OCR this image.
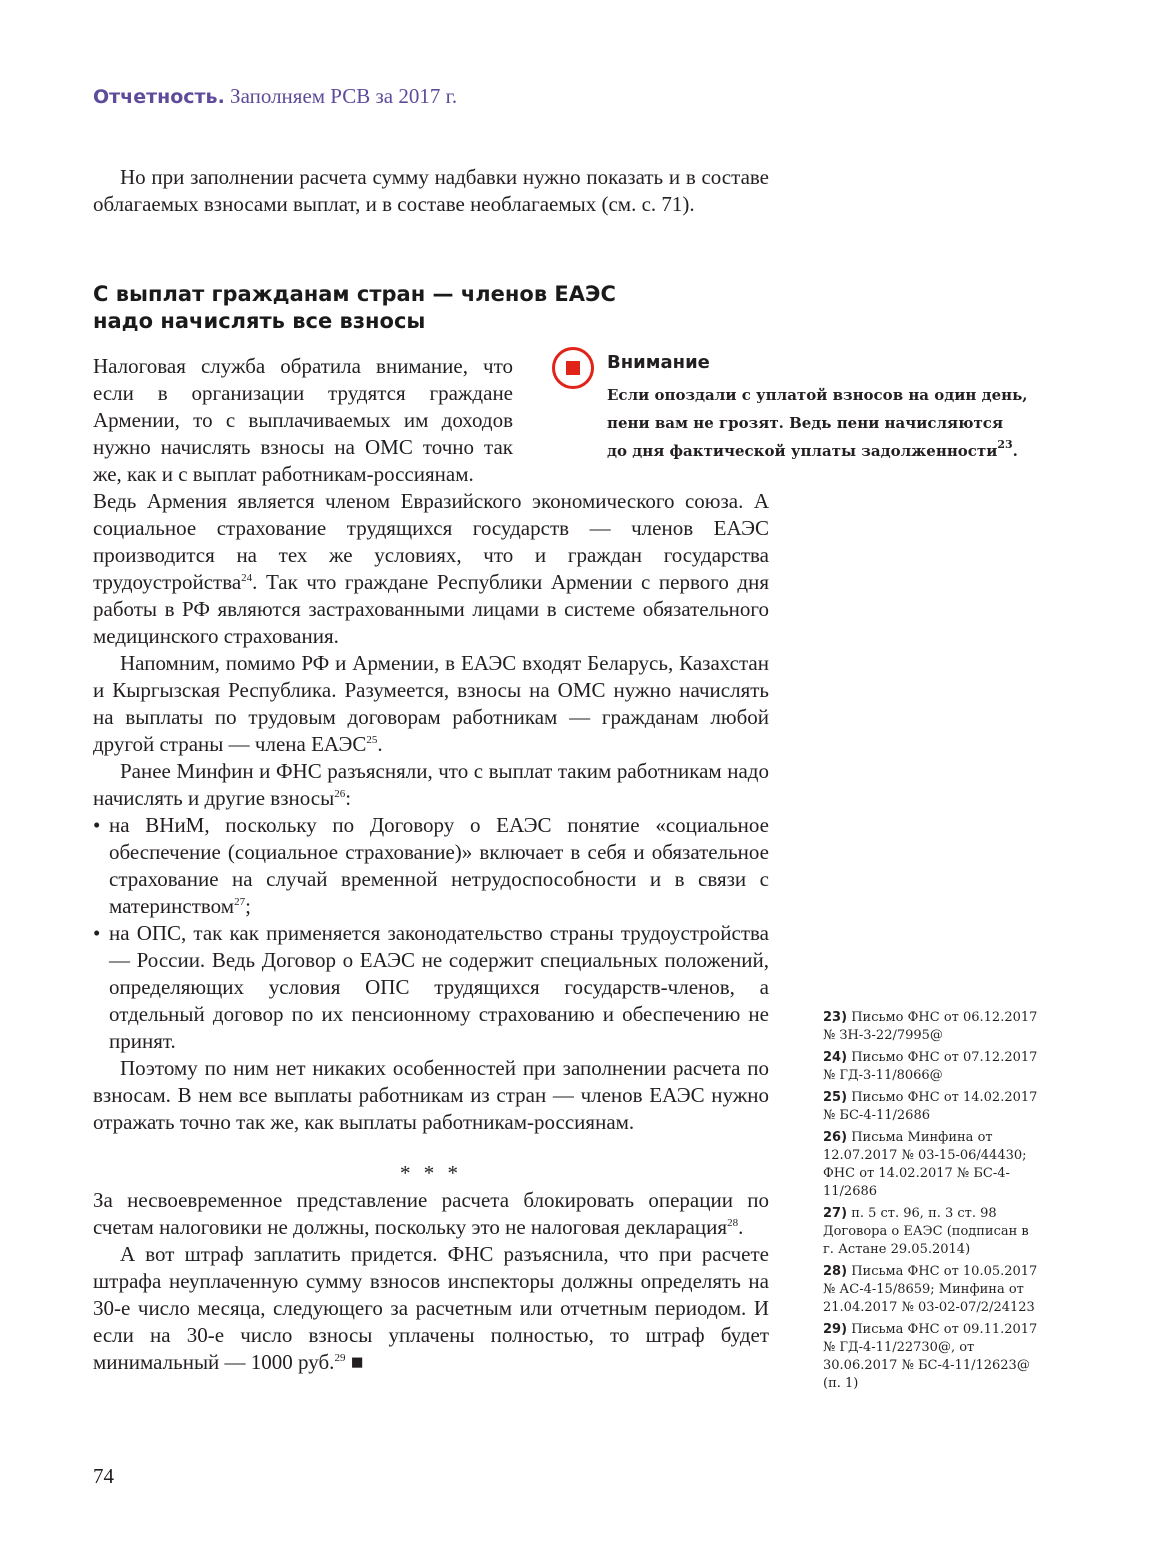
Отчетность. Заполняем РСВ за 2017 г.

Но при заполнении расчета сумму надбавки нужно показать и в составе облагаемых взносами выплат, и в составе необлагаемых (см. с. 71).

С выплат гражданам стран — членов ЕАЭС
надо начислять все взносы
Налоговая служба обратила внимание, что если в организации трудятся граждане Армении, то с выплачиваемых им доходов нужно начислять взносы на ОМС точно так же, как и с выплат работникам-россиянам.
Внимание
Если опоздали с уплатой взносов на один день,
пени вам не грозят. Ведь пени начисляются
до дня фактической уплаты задолженности$^{23}$.

Ведь Армения является членом Евразийского экономического союза. А социальное страхование трудящихся государств — членов ЕАЭС производится на тех же условиях, что и граждан государства трудоустройства$^{24}$. Так что граждане Республики Армении с первого дня работы в РФ являются застрахованными лицами в системе обязательного медицинского страхования.

Напомним, помимо РФ и Армении, в ЕАЭС входят Беларусь, Казахстан и Кыргызская Республика. Разумеется, взносы на ОМС нужно начислять на выплаты по трудовым договорам работникам — гражданам любой другой страны — члена ЕАЭС$^{25}$.

Ранее Минфин и ФНС разъясняли, что с выплат таким работникам надо начислять и другие взносы$^{26}$:

• на ВНиМ, поскольку по Договору о ЕАЭС понятие «социальное обеспечение (социальное страхование)» включает в себя и обязательное страхование на случай временной нетрудоспособности и в связи с материнством$^{27}$;
• на ОПС, так как применяется законодательство страны трудоустройства — России. Ведь Договор о ЕАЭС не содержит специальных положений, определяющих условия ОПС трудящихся государств-членов, а отдельный договор по их пенсионному страхованию и обеспечению не принят.

Поэтому по ним нет никаких особенностей при заполнении расчета по взносам. В нем все выплаты работникам из стран — членов ЕАЭС нужно отражать точно так же, как выплаты работникам-россиянам.

* * *

За несвоевременное представление расчета блокировать операции по счетам налоговики не должны, поскольку это не налоговая декларация$^{28}$.

А вот штраф заплатить придется. ФНС разъяснила, что при расчете штрафа неуплаченную сумму взносов инспекторы должны определять на 30-е число месяца, следующего за расчетным или отчетным периодом. И если на 30-е число взносы уплачены полностью, то штраф будет минимальный — 1000 руб.$^{29}$ ■

23) Письмо ФНС от 06.12.2017 № ЗН-3-22/7995@
24) Письмо ФНС от 07.12.2017 № ГД-3-11/8066@
25) Письмо ФНС от 14.02.2017 № БС-4-11/2686
26) Письма Минфина от 12.07.2017 № 03-15-06/44430; ФНС от 14.02.2017 № БС-4-11/2686
27) п. 5 ст. 96, п. 3 ст. 98 Договора о ЕАЭС (подписан в г. Астане 29.05.2014)
28) Письма ФНС от 10.05.2017 № АС-4-15/8659; Минфина от 21.04.2017 № 03-02-07/2/24123
29) Письма ФНС от 09.11.2017 № ГД-4-11/22730@, от 30.06.2017 № БС-4-11/12623@ (п. 1)
74
